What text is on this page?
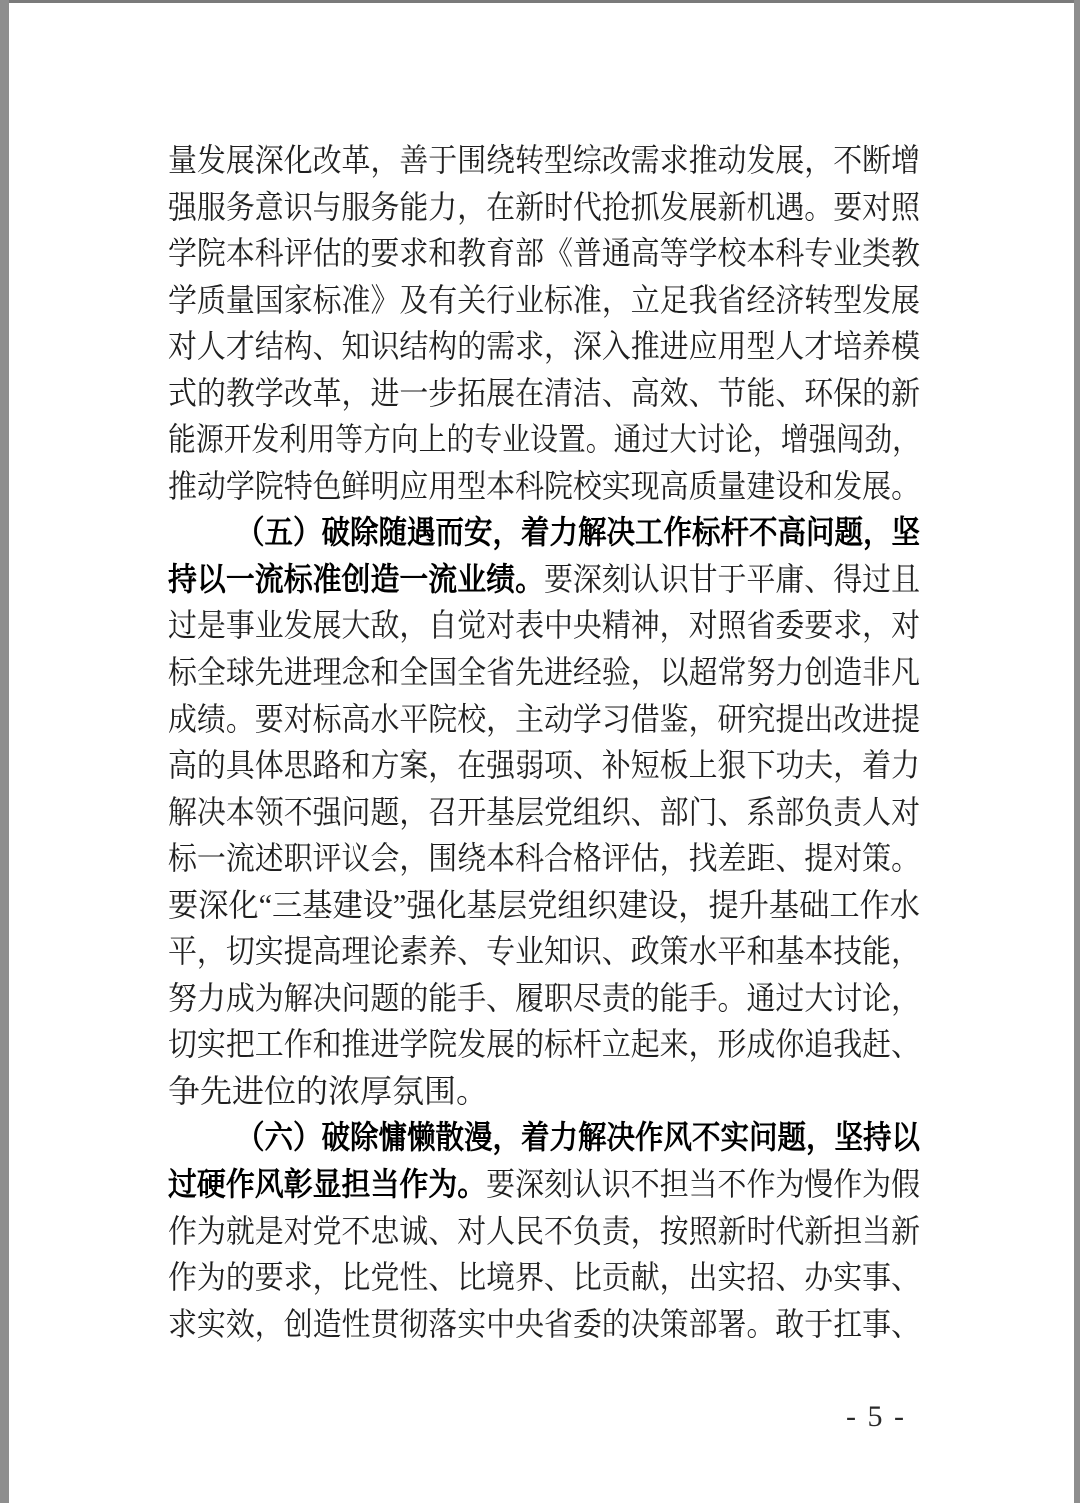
量发展深化改革，善于围绕转型综改需求推动发展，不断增
强服务意识与服务能力，在新时代抢抓发展新机遇。要对照
学院本科评估的要求和教育部《普通高等学校本科专业类教
学质量国家标准》及有关行业标准，立足我省经济转型发展
对人才结构、知识结构的需求，深入推进应用型人才培养模
式的教学改革，进一步拓展在清洁、高效、节能、环保的新
能源开发利用等方向上的专业设置。通过大讨论，增强闯劲，
推动学院特色鲜明应用型本科院校实现高质量建设和发展。
（五）破除随遇而安，着力解决工作标杆不高问题，坚
持以一流标准创造一流业绩。要深刻认识甘于平庸、得过且
过是事业发展大敌，自觉对表中央精神，对照省委要求，对
标全球先进理念和全国全省先进经验，以超常努力创造非凡
成绩。要对标高水平院校，主动学习借鉴，研究提出改进提
高的具体思路和方案，在强弱项、补短板上狠下功夫，着力
解决本领不强问题，召开基层党组织、部门、系部负责人对
标一流述职评议会，围绕本科合格评估，找差距、提对策。
要深化“三基建设”强化基层党组织建设，提升基础工作水
平，切实提高理论素养、专业知识、政策水平和基本技能，
努力成为解决问题的能手、履职尽责的能手。通过大讨论，
切实把工作和推进学院发展的标杆立起来，形成你追我赶、
争先进位的浓厚氛围。
（六）破除慵懒散漫，着力解决作风不实问题，坚持以
过硬作风彰显担当作为。要深刻认识不担当不作为慢作为假
作为就是对党不忠诚、对人民不负责，按照新时代新担当新
作为的要求，比党性、比境界、比贡献，出实招、办实事、
求实效，创造性贯彻落实中央省委的决策部署。敢于扛事、
- 5 -
